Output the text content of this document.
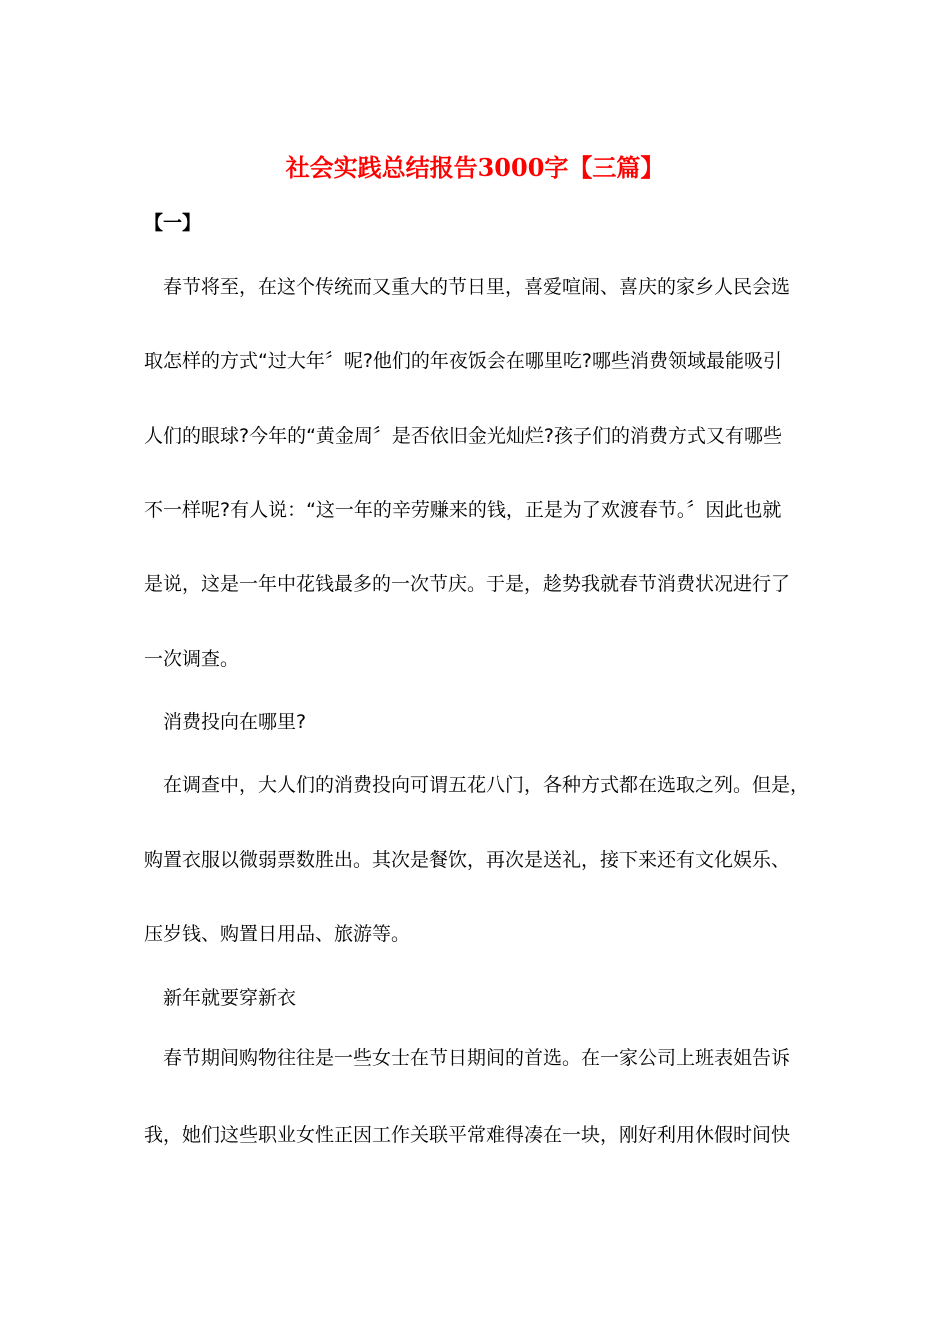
社会实践总结报告3000字【三篇】
【一】
春节将至，在这个传统而又重大的节日里，喜爱喧闹、喜庆的家乡人民会选
取怎样的方式“过大年〞呢?他们的年夜饭会在哪里吃?哪些消费领域最能吸引
人们的眼球?今年的“黄金周〞是否依旧金光灿烂?孩子们的消费方式又有哪些
不一样呢?有人说：“这一年的辛劳赚来的钱，正是为了欢渡春节。〞因此也就
是说，这是一年中花钱最多的一次节庆。于是，趁势我就春节消费状况进行了
一次调查。
消费投向在哪里?
在调查中，大人们的消费投向可谓五花八门，各种方式都在选取之列。但是，
购置衣服以微弱票数胜出。其次是餐饮，再次是送礼，接下来还有文化娱乐、
压岁钱、购置日用品、旅游等。
新年就要穿新衣
春节期间购物往往是一些女士在节日期间的首选。在一家公司上班表姐告诉
我，她们这些职业女性正因工作关联平常难得凑在一块，刚好利用休假时间快
